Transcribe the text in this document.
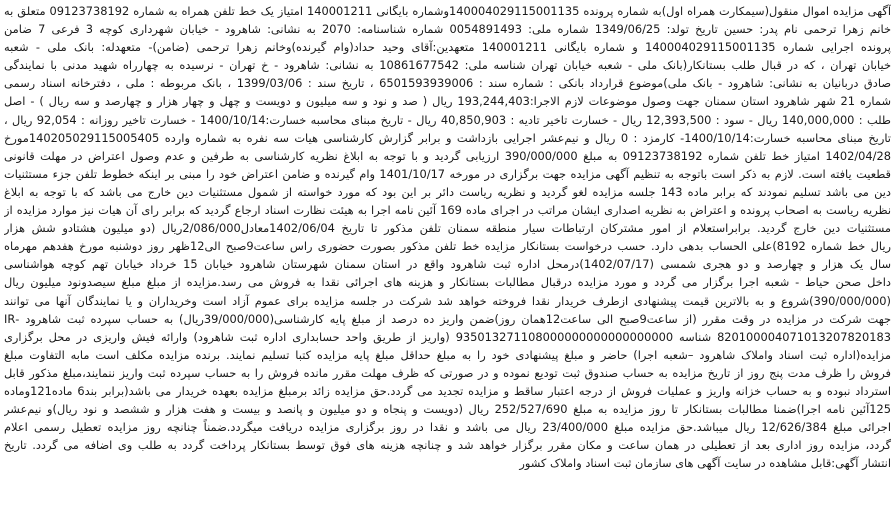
آگهی مزایده اموال منقول(سیمکارت همراه اول)به شماره پرونده 140004029115001135وشماره بایگانی 140001211 امتیاز یک خط تلفن همراه به شماره 09123738192 متعلق به
خانم زهرا ترحمی نام پدر: حسین تاریخ تولد: 1349/06/25 شماره ملی: 0054891493 شماره شناسنامه: 2070 به نشانی: شاهرود - خیابان شهرداری کوچه 3 فرعی 7 ضامن
پرونده اجرایی شماره 140004029115001135 و شماره بایگانی 140001211 متعهدین:آقای وحید حداد(وام گیرنده)وخانم زهرا ترحمی (ضامن)- متعهدله: بانک ملی - شعبه
خیابان تهران ، که در قبال طلب بستانکار(بانک ملی - شعبه خیابان تهران شناسه ملی: 10861677542 به نشانی: شاهرود - خ تهران - نرسیده به چهارراه شهید مدنی با نمایندگی
صادق دربانیان به نشانی: شاهرود - بانک ملی)موضوع قرارداد بانکی : شماره سند : 6501593939006 ، تاریخ سند : 1399/03/06 ، بانک مربوطه : ملی ، دفترخانه اسناد رسمی
شماره 21 شهر شاهرود استان سمنان جهت وصول موضوعات لازم الاجرا:193,244,403 ریال ( صد و نود و سه میلیون و دویست و چهل و چهار هزار و چهارصد و سه ریال ) - اصل
طلب : 140,000,000 ریال - سود : 12,393,500 ریال - خسارت تاخیر تادیه : 40,850,903 ریال - تاریخ مبنای محاسبه خسارت:1400/10/14 - خسارت تاخیر روزانه : 92,054 ریال ،
تاریخ مبنای محاسبه خسارت:1400/10/14- کارمزد : 0 ریال و نیم‌عشر اجرایی بازداشت و برابر گزارش کارشناسی هیات سه نفره به شماره وارده 140205029115005405مورخ
1402/04/28 امتیاز خط تلفن شماره 09123738192 به مبلغ 390/000/000 ارزیابی گردید و با توجه به ابلاغ نظریه کارشناسی به طرفین و عدم وصول اعتراض در مهلت قانونی
قطعیت یافته است. لازم به ذکر است باتوجه به تنظیم آگهی مزایده جهت برگزاری در مورخه 1401/10/17 وام گیرنده و ضامن اعتراض خود را مبنی بر اینکه خطوط تلفن جزء مستثنیات
دین می باشد تسلیم نمودند که برابر ماده 143 جلسه مزایده لغو گردید و نظریه ریاست دائر بر این بود که مورد خواسته از شمول مستثنیات دین خارج می باشد که با توجه به ابلاغ
نظریه ریاست به اصحاب پرونده و اعتراض به نظریه اصداری ایشان مراتب در اجرای ماده 169 آئین نامه اجرا به هیئت نظارت اسناد ارجاع گردید که برابر رای آن هیات نیز موارد مزایده از
مستثنیات دین خارج گردید. برابراستعلام از امور مشترکان ارتباطات سیار منطقه سمنان تلفن مذکور تا تاریخ 1402/06/04معادل2/086/000ریال (دو میلیون هشتادو شش هزار
ریال خط شماره 8192)علی الحساب بدهی دارد. حسب درخواست بستانکار مزایده خط تلفن مذکور بصورت حضوری راس ساعت9صبح الی12ظهر روز دوشنبه مورخ هفدهم مهرماه
سال یک هزار و چهارصد و دو هجری شمسی (1402/07/17)درمحل اداره ثبت شاهرود واقع در استان سمنان شهرستان شاهرود خیابان 15 خرداد خیابان تهم کوچه هواشناسی
داخل صحن حیاط - شعبه اجرا برگزار می گردد و مورد مزایده درقبال مطالبات بستانکار و هزینه های اجرائی نقدا به فروش می رسد.مزایده از مبلغ مبلغ سیصدونود میلیون ریال
(390/000/000)شروع و به بالاترین قیمت پیشنهادی ازطرف خریدار نقدا فروخته خواهد شد شرکت در جلسه مزایده برای عموم آزاد است وخریداران و یا نمایندگان آنها می توانند
جهت شرکت در مزایده در وقت مقرر (از ساعت9صبح الی ساعت12همان روز)ضمن واریز ده درصد از مبلغ پایه کارشناسی(39/000/000ریال) به حساب سپرده ثبت شاهرود -IR
820100004071013207820183 شناسه 935013271108000000000000000000 (واریز از طریق واحد حسابداری اداره ثبت شاهرود) وارائه فیش واریزی در محل برگزاری
مزایده(اداره ثبت اسناد واملاک شاهرود –شعبه اجرا) حاضر و مبلغ پیشنهادی خود را به مبلغ حداقل مبلغ پایه مزایده کتبا تسلیم نمایند. برنده مزایده مکلف است مابه التفاوت مبلغ
فروش را ظرف مدت پنج روز از تاریخ مزایده به حساب صندوق ثبت تودیع نموده و در صورتی که ظرف مهلت مقرر مانده فروش را به حساب سپرده ثبت واریز ننمایند،مبلغ مذکور قابل
استرداد نبوده و به حساب خزانه واریز و عملیات فروش از درجه اعتبار ساقط و مزایده تجدید می گردد.حق مزایده زائد برمبلغ مزایده بعهده خریدار می باشد(برابر بند6 ماده121وماده
125آئین نامه اجرا)ضمنا مطالبات بستانکار تا روز مزایده به مبلغ 252/527/690 ریال (دویست و پنجاه و دو میلیون و پانصد و بیست و هفت هزار و ششصد و نود ریال)و نیم‌عشر
اجرائی مبلغ 12/626/384 ریال میباشد.حق مزایده مبلغ 23/400/000 ریال می باشد و نقدا در روز برگزاری مزایده دریافت میگردد.ضمناً چنانچه روز مزایده تعطیل رسمی اعلام
گردد، مزایده روز اداری بعد از تعطیلی در همان ساعت و مکان مقرر برگزار خواهد شد و چنانچه هزینه های فوق توسط بستانکار پرداخت گردد به طلب وی اضافه می گردد. تاریخ
انتشار آگهی:قابل مشاهده در سایت آگهی های سازمان ثبت اسناد واملاک کشور
